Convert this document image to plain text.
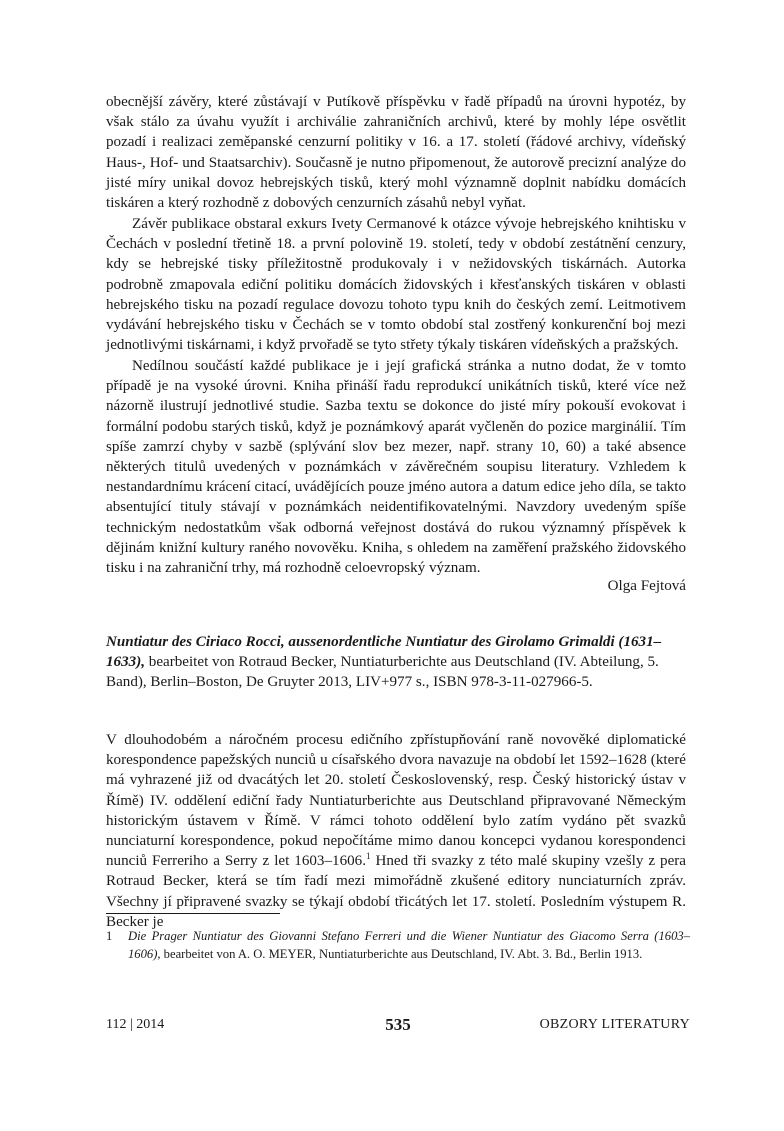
obecnější závěry, které zůstávají v Putíkově příspěvku v řadě případů na úrovni hypotéz, by však stálo za úvahu využít i archiválie zahraničních archivů, které by mohly lépe osvětlit pozadí i realizaci zeměpanské cenzurní politiky v 16. a 17. století (řádové archivy, vídeňský Haus-, Hof- und Staatsarchiv). Současně je nutno připomenout, že autorově precizní analýze do jisté míry unikal dovoz hebrejských tisků, který mohl významně doplnit nabídku domácích tiskáren a který rozhodně z dobových cenzurních zásahů nebyl vyňat.

Závěr publikace obstaral exkurs Ivety Cermanové k otázce vývoje hebrejského knihtisku v Čechách v poslední třetině 18. a první polovině 19. století, tedy v období zestátnění cenzury, kdy se hebrejské tisky příležitostně produkovaly i v nežidovských tiskárnách. Autorka podrobně zmapovala ediční politiku domácích židovských i křesťanských tiskáren v oblasti hebrejského tisku na pozadí regulace dovozu tohoto typu knih do českých zemí. Leitmotivem vydávání hebrejského tisku v Čechách se v tomto období stal zostřený konkurenční boj mezi jednotlivými tiskárnami, i když prvořadě se tyto střety týkaly tiskáren vídeňských a pražských.

Nedílnou součástí každé publikace je i její grafická stránka a nutno dodat, že v tomto případě je na vysoké úrovni. Kniha přináší řadu reprodukcí unikátních tisků, které více než názorně ilustrují jednotlivé studie. Sazba textu se dokonce do jisté míry pokouší evokovat i formální podobu starých tisků, když je poznámkový aparát vyčleněn do pozice marginálií. Tím spíše zamrzí chyby v sazbě (splývání slov bez mezer, např. strany 10, 60) a také absence některých titulů uvedených v poznámkách v závěrečném soupisu literatury. Vzhledem k nestandardnímu krácení citací, uvádějících pouze jméno autora a datum edice jeho díla, se takto absentující tituly stávají v poznámkách neidentifikovatelnými. Navzdory uvedeným spíše technickým nedostatkům však odborná veřejnost dostává do rukou významný příspěvek k dějinám knižní kultury raného novověku. Kniha, s ohledem na zaměření pražského židovského tisku i na zahraniční trhy, má rozhodně celoevropský význam.

Olga Fejtová

Nuntiatur des Ciriaco Rocci, aussenordentliche Nuntiatur des Girolamo Grimaldi (1631–1633), bearbeitet von Rotraud Becker, Nuntiaturberichte aus Deutschland (IV. Abteilung, 5. Band), Berlin–Boston, De Gruyter 2013, LIV+977 s., ISBN 978-3-11-027966-5.

V dlouhodobém a náročném procesu edičního zpřístupňování raně novověké diplomatické korespondence papežských nunciů u císařského dvora navazuje na období let 1592–1628 (které má vyhrazené již od dvacátých let 20. století Československý, resp. Český historický ústav v Římě) IV. oddělení ediční řady Nuntiaturberichte aus Deutschland připravované Německým historickým ústavem v Římě. V rámci tohoto oddělení bylo zatím vydáno pět svazků nunciaturní korespondence, pokud nepočítáme mimo danou koncepci vydanou korespondenci nunciů Ferreriho a Serry z let 1603–1606.$^1$ Hned tři svazky z této malé skupiny vzešly z pera Rotraud Becker, která se tím řadí mezi mimořádně zkušené editory nunciaturních zpráv. Všechny jí připravené svazky se týkají období třicátých let 17. století. Posledním výstupem R. Becker je

1 Die Prager Nuntiatur des Giovanni Stefano Ferreri und die Wiener Nuntiatur des Giacomo Serra (1603–1606), bearbeitet von A. O. MEYER, Nuntiaturberichte aus Deutschland, IV. Abt. 3. Bd., Berlin 1913.
112 | 2014	535	OBZORY LITERATURY
